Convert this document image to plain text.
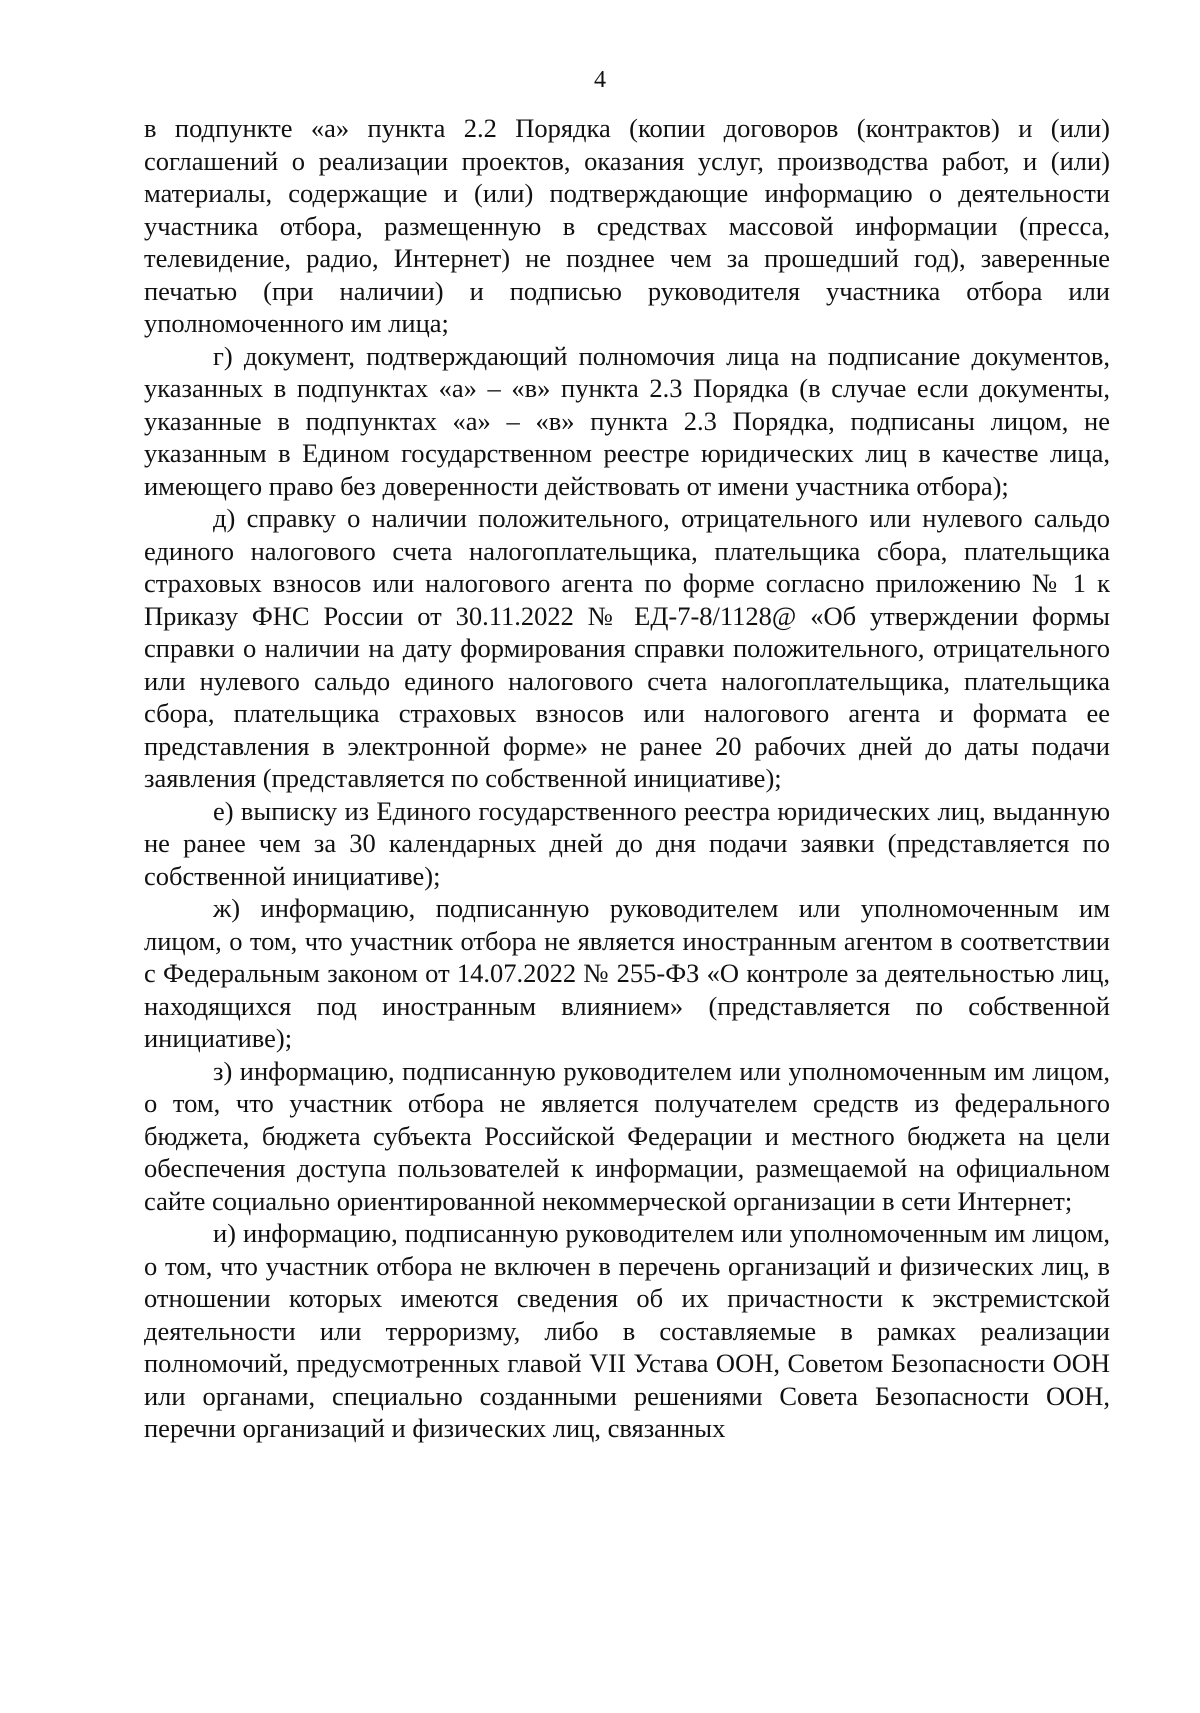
4

в подпункте «а» пункта 2.2 Порядка (копии договоров (контрактов) и (или) соглашений о реализации проектов, оказания услуг, производства работ, и (или) материалы, содержащие и (или) подтверждающие информацию о деятельности участника отбора, размещенную в средствах массовой информации (пресса, телевидение, радио, Интернет) не позднее чем за прошедший год), заверенные печатью (при наличии) и подписью руководителя участника отбора или уполномоченного им лица;

г) документ, подтверждающий полномочия лица на подписание документов, указанных в подпунктах «а» – «в» пункта 2.3 Порядка (в случае если документы, указанные в подпунктах «а» – «в» пункта 2.3 Порядка, подписаны лицом, не указанным в Едином государственном реестре юридических лиц в качестве лица, имеющего право без доверенности действовать от имени участника отбора);

д) справку о наличии положительного, отрицательного или нулевого сальдо единого налогового счета налогоплательщика, плательщика сбора, плательщика страховых взносов или налогового агента по форме согласно приложению № 1 к Приказу ФНС России от 30.11.2022 № ЕД-7-8/1128@ «Об утверждении формы справки о наличии на дату формирования справки положительного, отрицательного или нулевого сальдо единого налогового счета налогоплательщика, плательщика сбора, плательщика страховых взносов или налогового агента и формата ее представления в электронной форме» не ранее 20 рабочих дней до даты подачи заявления (представляется по собственной инициативе);

е) выписку из Единого государственного реестра юридических лиц, выданную не ранее чем за 30 календарных дней до дня подачи заявки (представляется по собственной инициативе);

ж) информацию, подписанную руководителем или уполномоченным им лицом, о том, что участник отбора не является иностранным агентом в соответствии с Федеральным законом от 14.07.2022 № 255-ФЗ «О контроле за деятельностью лиц, находящихся под иностранным влиянием» (представляется по собственной инициативе);

з) информацию, подписанную руководителем или уполномоченным им лицом, о том, что участник отбора не является получателем средств из федерального бюджета, бюджета субъекта Российской Федерации и местного бюджета на цели обеспечения доступа пользователей к информации, размещаемой на официальном сайте социально ориентированной некоммерческой организации в сети Интернет;

и) информацию, подписанную руководителем или уполномоченным им лицом, о том, что участник отбора не включен в перечень организаций и физических лиц, в отношении которых имеются сведения об их причастности к экстремистской деятельности или терроризму, либо в составляемые в рамках реализации полномочий, предусмотренных главой VII Устава ООН, Советом Безопасности ООН или органами, специально созданными решениями Совета Безопасности ООН, перечни организаций и физических лиц, связанных
